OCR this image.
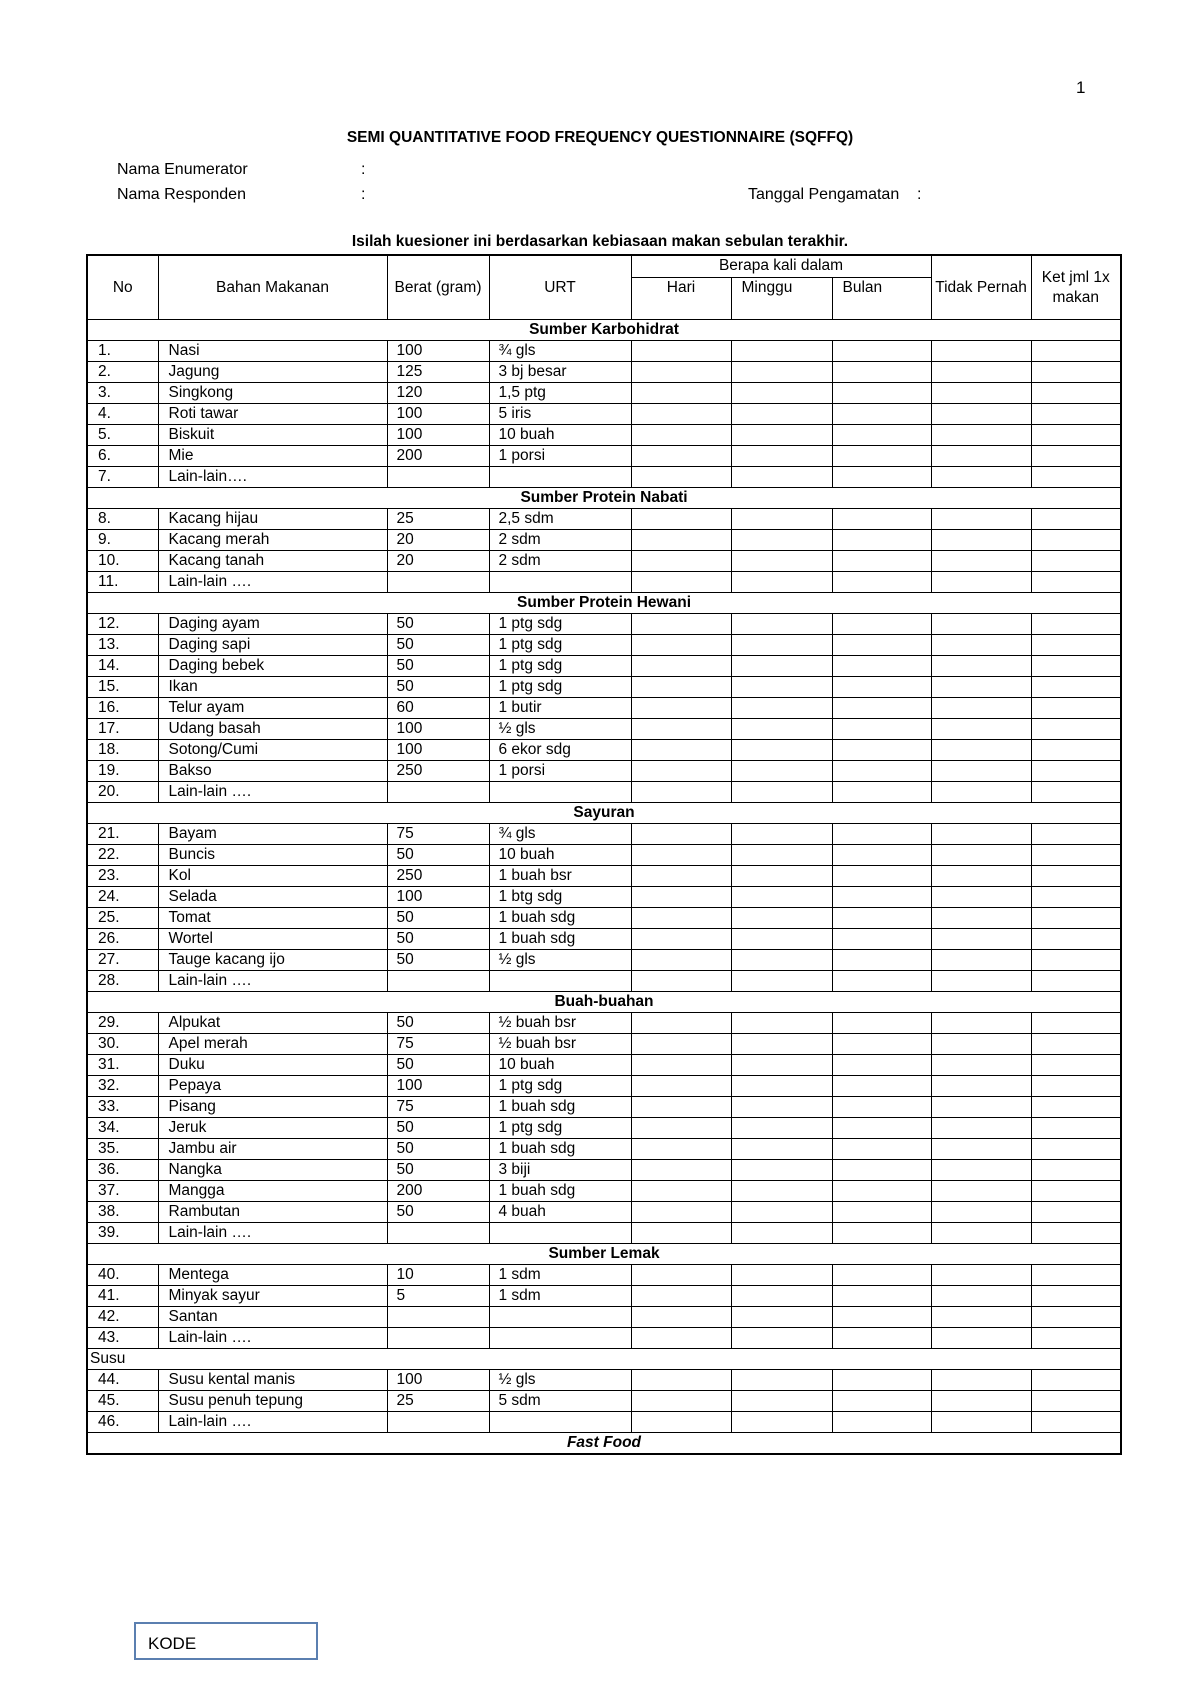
1
SEMI QUANTITATIVE FOOD FREQUENCY QUESTIONNAIRE (SQFFQ)
Nama Enumerator	:
Nama Responden	:	Tanggal Pengamatan :
Isilah kuesioner ini berdasarkan kebiasaan makan sebulan terakhir.
No	Bahan Makanan	Berat (gram)	URT	Berapa kali dalam			Tidak Pernah	Ket jml 1x makan
				Hari	Minggu	Bulan		
Sumber Karbohidrat								
1.	Nasi	100	¾ gls					
2.	Jagung	125	3 bj besar					
3.	Singkong	120	1,5 ptg					
4.	Roti tawar	100	5 iris					
5.	Biskuit	100	10 buah					
6.	Mie	200	1 porsi					
7.	Lain-lain….							
Sumber Protein Nabati								
8.	Kacang hijau	25	2,5 sdm					
9.	Kacang merah	20	2 sdm					
10.	Kacang tanah	20	2 sdm					
11.	Lain-lain ….							
Sumber Protein Hewani								
12.	Daging ayam	50	1 ptg sdg					
13.	Daging sapi	50	1 ptg sdg					
14.	Daging bebek	50	1 ptg sdg					
15.	Ikan	50	1 ptg sdg					
16.	Telur ayam	60	1 butir					
17.	Udang basah	100	½ gls					
18.	Sotong/Cumi	100	6 ekor sdg					
19.	Bakso	250	1 porsi					
20.	Lain-lain ….							
Sayuran								
21.	Bayam	75	¾ gls					
22.	Buncis	50	10 buah					
23.	Kol	250	1 buah bsr					
24.	Selada	100	1 btg sdg					
25.	Tomat	50	1 buah sdg					
26.	Wortel	50	1 buah sdg					
27.	Tauge kacang ijo	50	½ gls					
28.	Lain-lain ….							
Buah-buahan								
29.	Alpukat	50	½ buah bsr					
30.	Apel merah	75	½ buah bsr					
31.	Duku	50	10 buah					
32.	Pepaya	100	1 ptg sdg					
33.	Pisang	75	1 buah sdg					
34.	Jeruk	50	1 ptg sdg					
35.	Jambu air	50	1 buah sdg					
36.	Nangka	50	3 biji					
37.	Mangga	200	1 buah sdg					
38.	Rambutan	50	4 buah					
39.	Lain-lain ….							
Sumber Lemak								
40.	Mentega	10	1 sdm					
41.	Minyak sayur	5	1 sdm					
42.	Santan							
43.	Lain-lain ….							
Susu								
44.	Susu kental manis	100	½ gls					
45.	Susu penuh tepung	25	5 sdm					
46.	Lain-lain ….							
Fast Food								
KODE
